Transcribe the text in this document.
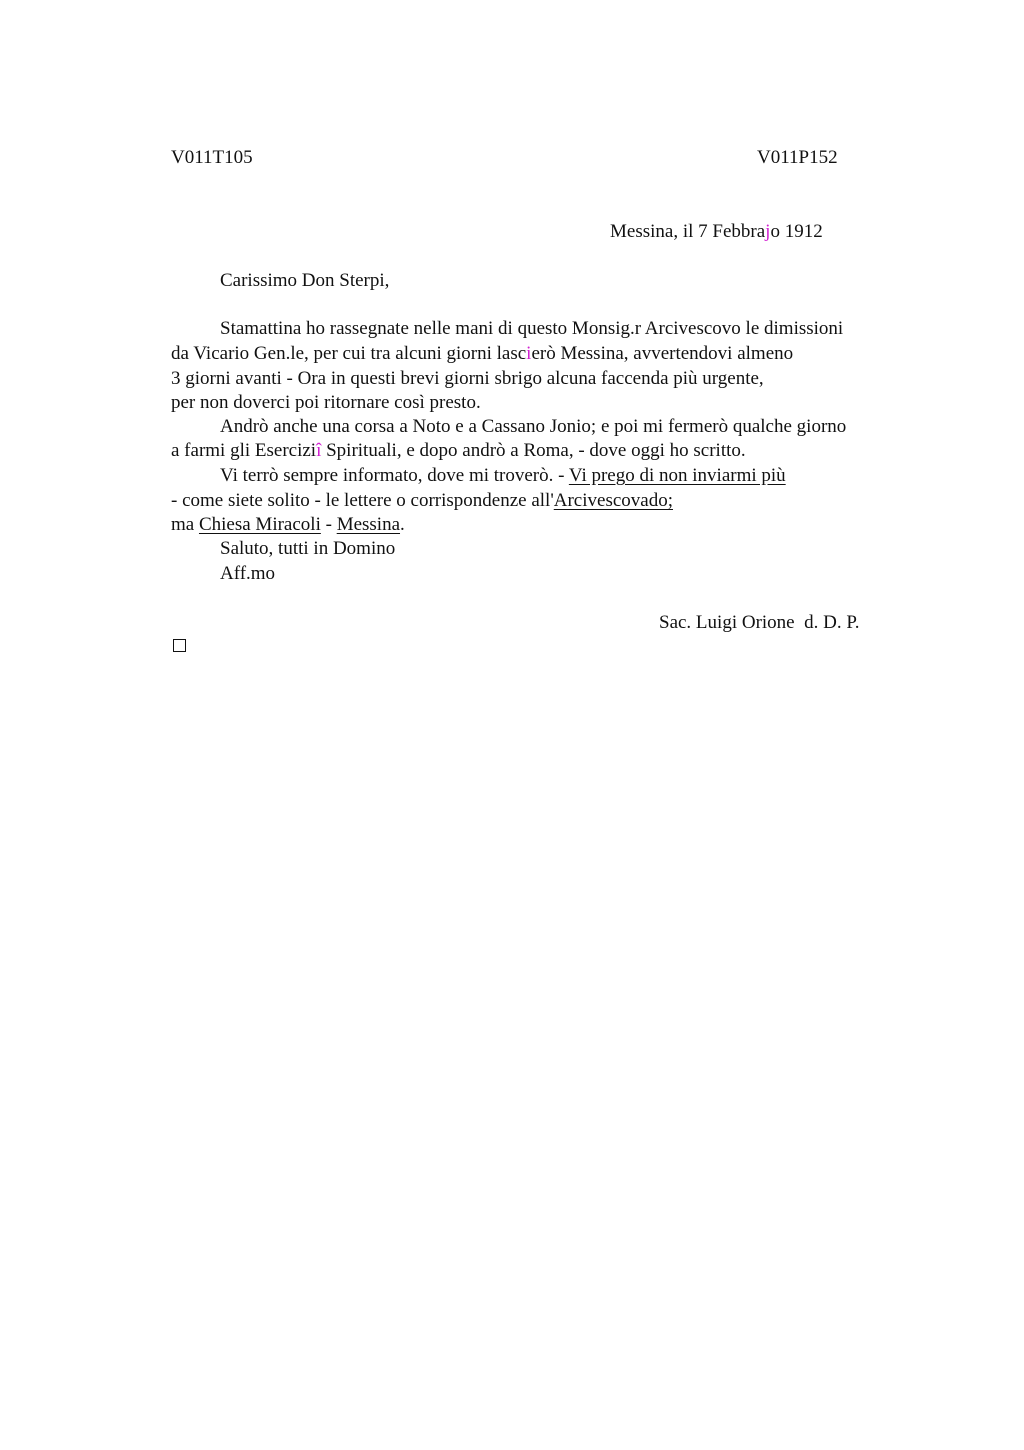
V011T105	V011P152
Messina, il 7 Febbrajo 1912
Carissimo Don Sterpi,
Stamattina ho rassegnate nelle mani di questo Monsig.r Arcivescovo le dimissioni
da Vicario Gen.le, per cui tra alcuni giorni lascierò Messina, avvertendovi almeno
3 giorni avanti - Ora in questi brevi giorni sbrigo alcuna faccenda più urgente,
per non doverci poi ritornare così presto.
Andrò anche una corsa a Noto e a Cassano Jonio; e poi mi fermerò qualche giorno
a farmi gli Eserciziî Spirituali, e dopo andrò a Roma, - dove oggi ho scritto.
Vi terrò sempre informato, dove mi troverò. - Vi prego di non inviarmi più
- come siete solito - le lettere o corrispondenze all'Arcivescovado;
ma Chiesa Miracoli - Messina.
Saluto, tutti in Domino
Aff.mo
Sac. Luigi Orione  d. D. P.
